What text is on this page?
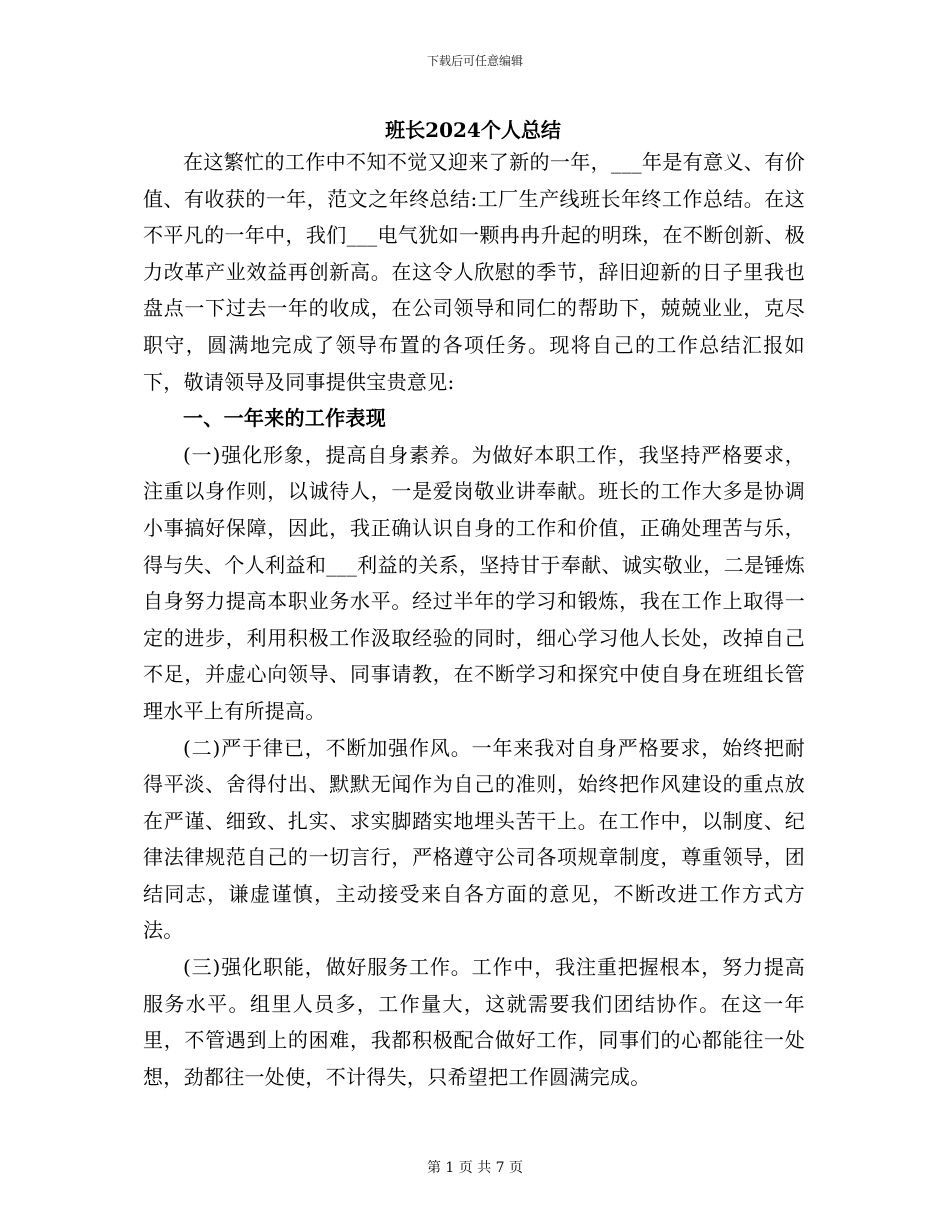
下载后可任意编辑
班长2024个人总结

在这繁忙的工作中不知不觉又迎来了新的一年，___年是有意义、有价值、有收获的一年，范文之年终总结:工厂生产线班长年终工作总结。在这不平凡的一年中，我们___电气犹如一颗冉冉升起的明珠，在不断创新、极力改革产业效益再创新高。在这令人欣慰的季节，辞旧迎新的日子里我也盘点一下过去一年的收成，在公司领导和同仁的帮助下，兢兢业业，克尽职守，圆满地完成了领导布置的各项任务。现将自己的工作总结汇报如下，敬请领导及同事提供宝贵意见:

一、一年来的工作表现

(一)强化形象，提高自身素养。为做好本职工作，我坚持严格要求，注重以身作则，以诚待人，一是爱岗敬业讲奉献。班长的工作大多是协调小事搞好保障，因此，我正确认识自身的工作和价值，正确处理苦与乐，得与失、个人利益和___利益的关系，坚持甘于奉献、诚实敬业，二是锤炼自身努力提高本职业务水平。经过半年的学习和锻炼，我在工作上取得一定的进步，利用积极工作汲取经验的同时，细心学习他人长处，改掉自己不足，并虚心向领导、同事请教，在不断学习和探究中使自身在班组长管理水平上有所提高。

(二)严于律已，不断加强作风。一年来我对自身严格要求，始终把耐得平淡、舍得付出、默默无闻作为自己的准则，始终把作风建设的重点放在严谨、细致、扎实、求实脚踏实地埋头苦干上。在工作中，以制度、纪律法律规范自己的一切言行，严格遵守公司各项规章制度，尊重领导，团结同志，谦虚谨慎，主动接受来自各方面的意见，不断改进工作方式方法。

(三)强化职能，做好服务工作。工作中，我注重把握根本，努力提高服务水平。组里人员多，工作量大，这就需要我们团结协作。在这一年里，不管遇到上的困难，我都积极配合做好工作，同事们的心都能往一处想，劲都往一处使，不计得失，只希望把工作圆满完成。

第 1 页 共 7 页
